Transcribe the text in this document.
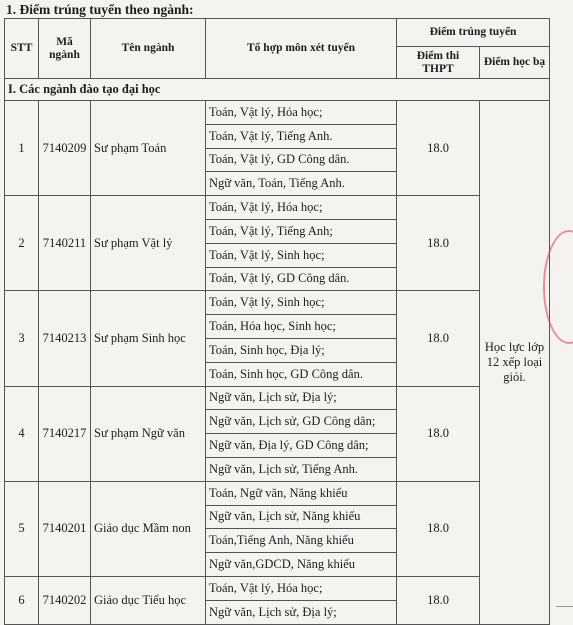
1. Điểm trúng tuyển theo ngành:
STT	Mã ngành	Tên ngành	Tổ hợp môn xét tuyển	Điểm trúng tuyển	
				Điểm thi THPT	Điểm học bạ
I. Các ngành đào tạo đại học					
1	7140209	Sư phạm Toán	Toán, Vật lý, Hóa học;	18.0	Học lực lớp 12 xếp loại giỏi.
			Toán, Vật lý, Tiếng Anh.		
			Toán, Vật lý, GD Công dân.		
			Ngữ văn, Toán, Tiếng Anh.		
2	7140211	Sư phạm Vật lý	Toán, Vật lý, Hóa học;	18.0	
			Toán, Vật lý, Tiếng Anh;		
			Toán, Vật lý, Sinh học;		
			Toán, Vật lý, GD Công dân.		
3	7140213	Sư phạm Sinh học	Toán, Vật lý, Sinh học;	18.0	
			Toán, Hóa học, Sinh học;		
			Toán, Sinh học, Địa lý;		
			Toán, Sinh học, GD Công dân.		
4	7140217	Sư phạm Ngữ văn	Ngữ văn, Lịch sử, Địa lý;	18.0	
			Ngữ văn, Lịch sử, GD Công dân;		
			Ngữ văn, Địa lý, GD Công dân;		
			Ngữ văn, Lịch sử, Tiếng Anh.		
5	7140201	Giáo dục Mầm non	Toán, Ngữ văn, Năng khiếu	18.0	
			Ngữ văn, Lịch sử, Năng khiếu		
			Toán,Tiếng Anh, Năng khiếu		
			Ngữ văn,GDCD, Năng khiếu		
6	7140202	Giáo dục Tiểu học	Toán, Vật lý, Hóa học;	18.0	
			Ngữ văn, Lịch sử, Địa lý;		
